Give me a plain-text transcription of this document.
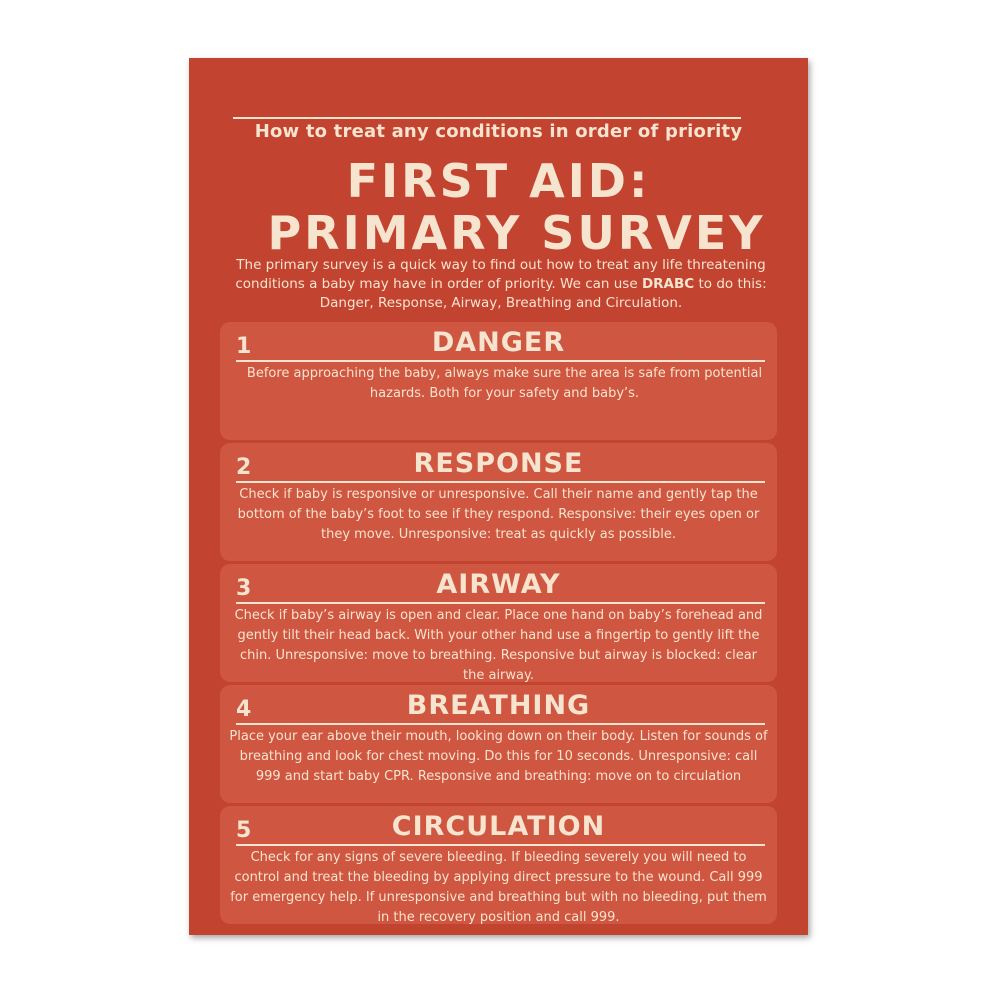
How to treat any conditions in order of priority
FIRST AID:
PRIMARY SURVEY
The primary survey is a quick way to find out how to treat any life threatening conditions a baby may have in order of priority. We can use DRABC to do this: Danger, Response, Airway, Breathing and Circulation.
1	DANGER
Before approaching the baby, always make sure the area is safe from potential hazards. Both for your safety and baby’s.
2	RESPONSE
Check if baby is responsive or unresponsive. Call their name and gently tap the bottom of the baby’s foot to see if they respond. Responsive: their eyes open or they move. Unresponsive: treat as quickly as possible.
3	AIRWAY
Check if baby’s airway is open and clear. Place one hand on baby’s forehead and gently tilt their head back. With your other hand use a fingertip to gently lift the chin. Unresponsive: move to breathing. Responsive but airway is blocked: clear the airway.
4	BREATHING
Place your ear above their mouth, looking down on their body. Listen for sounds of breathing and look for chest moving. Do this for 10 seconds. Unresponsive: call 999 and start baby CPR. Responsive and breathing: move on to circulation
5	CIRCULATION
Check for any signs of severe bleeding. If bleeding severely you will need to control and treat the bleeding by applying direct pressure to the wound. Call 999 for emergency help. If unresponsive and breathing but with no bleeding, put them in the recovery position and call 999.
